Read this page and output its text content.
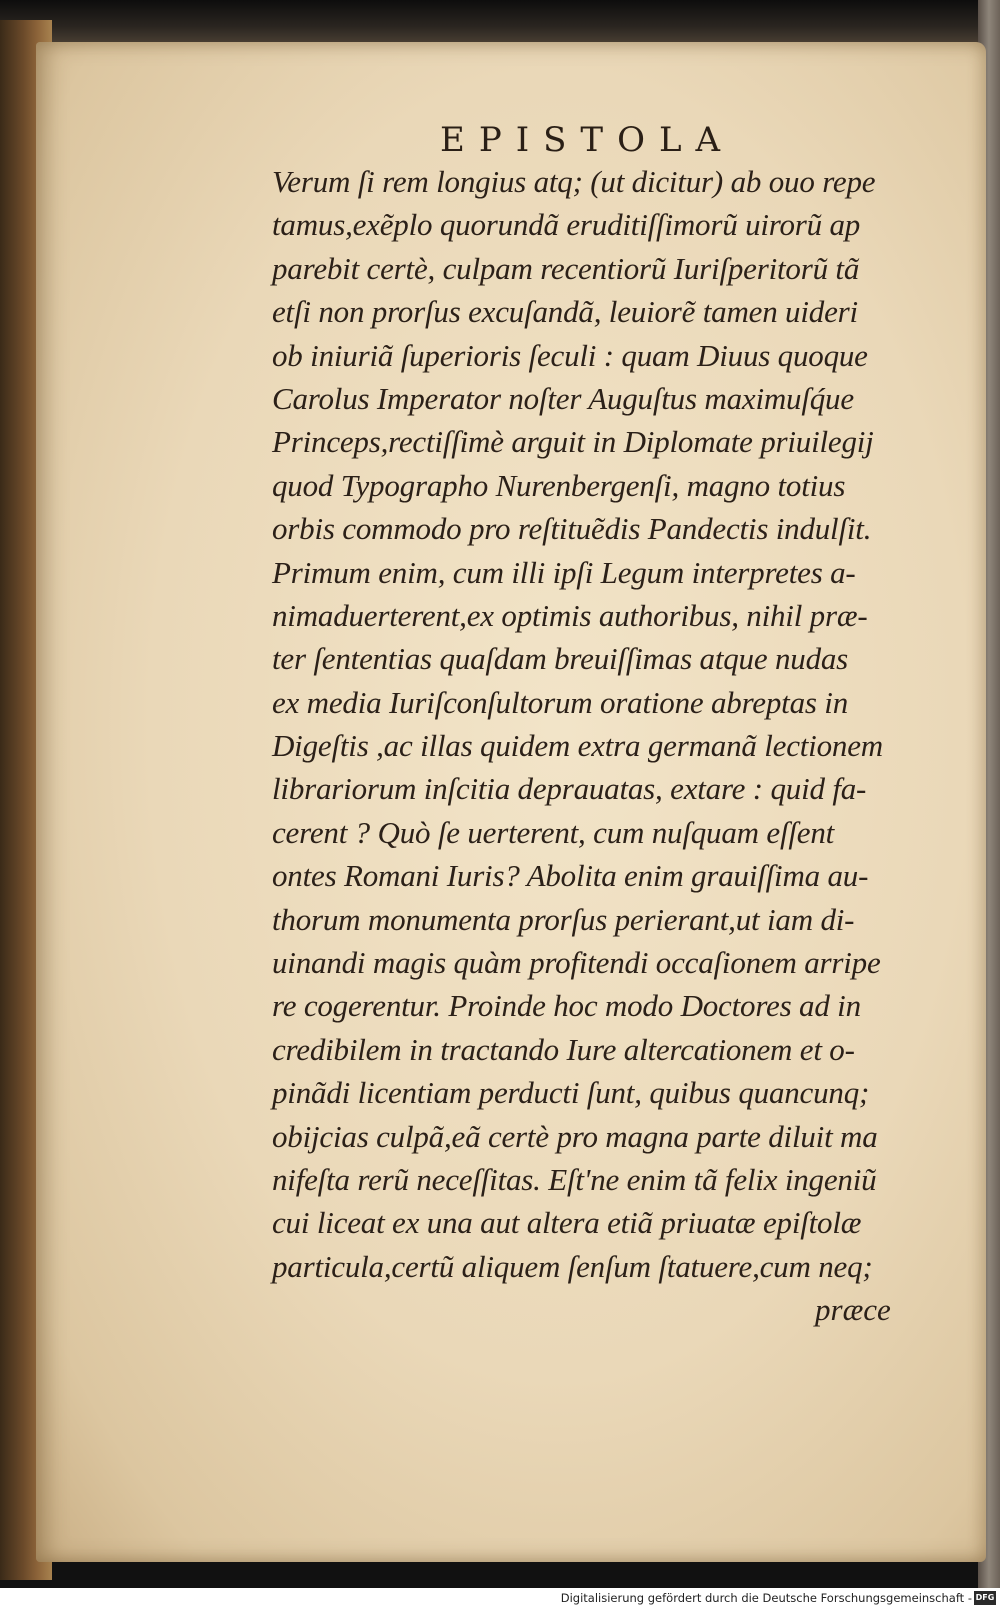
EPISTOLA
Verum ſi rem longius atq; (ut dicitur) ab ouo repe
tamus,exẽplo quorundã eruditiſſimorũ uirorũ ap
parebit certè, culpam recentiorũ Iuriſperitorũ tã
etſi non prorſus excuſandã, leuiorẽ tamen uideri
ob iniuriã ſuperioris ſeculi : quam Diuus quoque
Carolus Imperator noſter Auguſtus maximuſq́ue
Princeps,rectiſſimè arguit in Diplomate priuilegij
quod Typographo Nurenbergenſi, magno totius
orbis commodo pro reſtituẽdis Pandectis indulſit.
Primum enim, cum illi ipſi Legum interpretes a-
nimaduerterent,ex optimis authoribus, nihil præ-
ter ſententias quaſdam breuiſſimas atque nudas
ex media Iuriſconſultorum oratione abreptas in
Digeſtis ,ac illas quidem extra germanã lectionem
librariorum inſcitia deprauatas, extare : quid fa-
cerent ? Quò ſe uerterent, cum nuſquam eſſent
ontes Romani Iuris? Abolita enim grauiſſima au-
thorum monumenta prorſus perierant,ut iam di-
uinandi magis quàm profitendi occaſionem arripe
re cogerentur. Proinde hoc modo Doctores ad in
credibilem in tractando Iure altercationem et o-
pinãdi licentiam perducti ſunt, quibus quancunq;
obijcias culpã,eã certè pro magna parte diluit ma
nifeſta rerũ neceſſitas. Eſt'ne enim tã felix ingeniũ
cui liceat ex una aut altera etiã priuatæ epiſtolæ
particula,certũ aliquem ſenſum ſtatuere,cum neq;
præce
Digitalisierung gefördert durch die Deutsche Forschungsgemeinschaft - DFG
